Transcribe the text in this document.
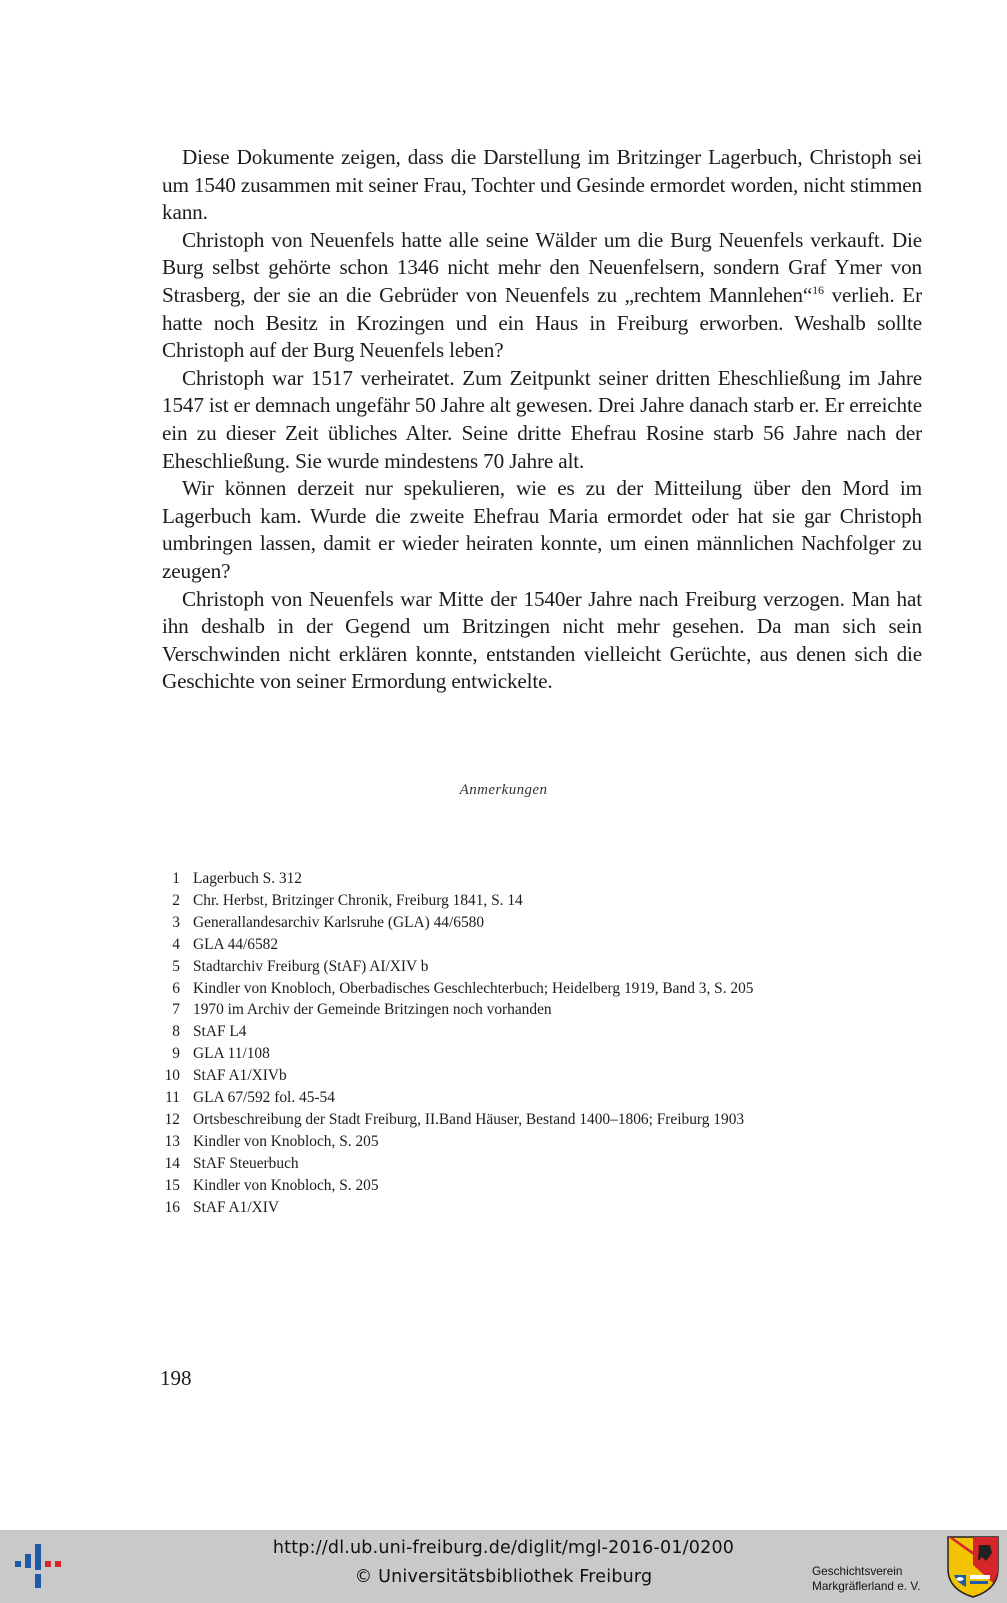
Diese Dokumente zeigen, dass die Darstellung im Britzinger Lagerbuch, Christoph sei um 1540 zusammen mit seiner Frau, Tochter und Gesinde ermordet worden, nicht stimmen kann.

Christoph von Neuenfels hatte alle seine Wälder um die Burg Neuenfels verkauft. Die Burg selbst gehörte schon 1346 nicht mehr den Neuenfelsern, sondern Graf Ymer von Strasberg, der sie an die Gebrüder von Neuenfels zu „rechtem Mannlehen“$^{16}$ verlieh. Er hatte noch Besitz in Krozingen und ein Haus in Freiburg erworben. Weshalb sollte Christoph auf der Burg Neuenfels leben?

Christoph war 1517 verheiratet. Zum Zeitpunkt seiner dritten Eheschließung im Jahre 1547 ist er demnach ungefähr 50 Jahre alt gewesen. Drei Jahre danach starb er. Er erreichte ein zu dieser Zeit übliches Alter. Seine dritte Ehefrau Rosine starb 56 Jahre nach der Eheschließung. Sie wurde mindestens 70 Jahre alt.

Wir können derzeit nur spekulieren, wie es zu der Mitteilung über den Mord im Lagerbuch kam. Wurde die zweite Ehefrau Maria ermordet oder hat sie gar Christoph umbringen lassen, damit er wieder heiraten konnte, um einen männlichen Nachfolger zu zeugen?

Christoph von Neuenfels war Mitte der 1540er Jahre nach Freiburg verzogen. Man hat ihn deshalb in der Gegend um Britzingen nicht mehr gesehen. Da man sich sein Verschwinden nicht erklären konnte, entstanden vielleicht Gerüchte, aus denen sich die Geschichte von seiner Ermordung entwickelte.

Anmerkungen
1 Lagerbuch S. 312
2 Chr. Herbst, Britzinger Chronik, Freiburg 1841, S. 14
3 Generallandesarchiv Karlsruhe (GLA) 44/6580
4 GLA 44/6582
5 Stadtarchiv Freiburg (StAF) AI/XIV b
6 Kindler von Knobloch, Oberbadisches Geschlechterbuch; Heidelberg 1919, Band 3, S. 205
7 1970 im Archiv der Gemeinde Britzingen noch vorhanden
8 StAF L4
9 GLA 11/108
10 StAF A1/XIVb
11 GLA 67/592 fol. 45-54
12 Ortsbeschreibung der Stadt Freiburg, II.Band Häuser, Bestand 1400–1806; Freiburg 1903
13 Kindler von Knobloch, S. 205
14 StAF Steuerbuch
15 Kindler von Knobloch, S. 205
16 StAF A1/XIV
198
http://dl.ub.uni-freiburg.de/diglit/mgl-2016-01/0200
© Universitätsbibliothek Freiburg	Geschichtsverein
Markgräflerland e. V.
